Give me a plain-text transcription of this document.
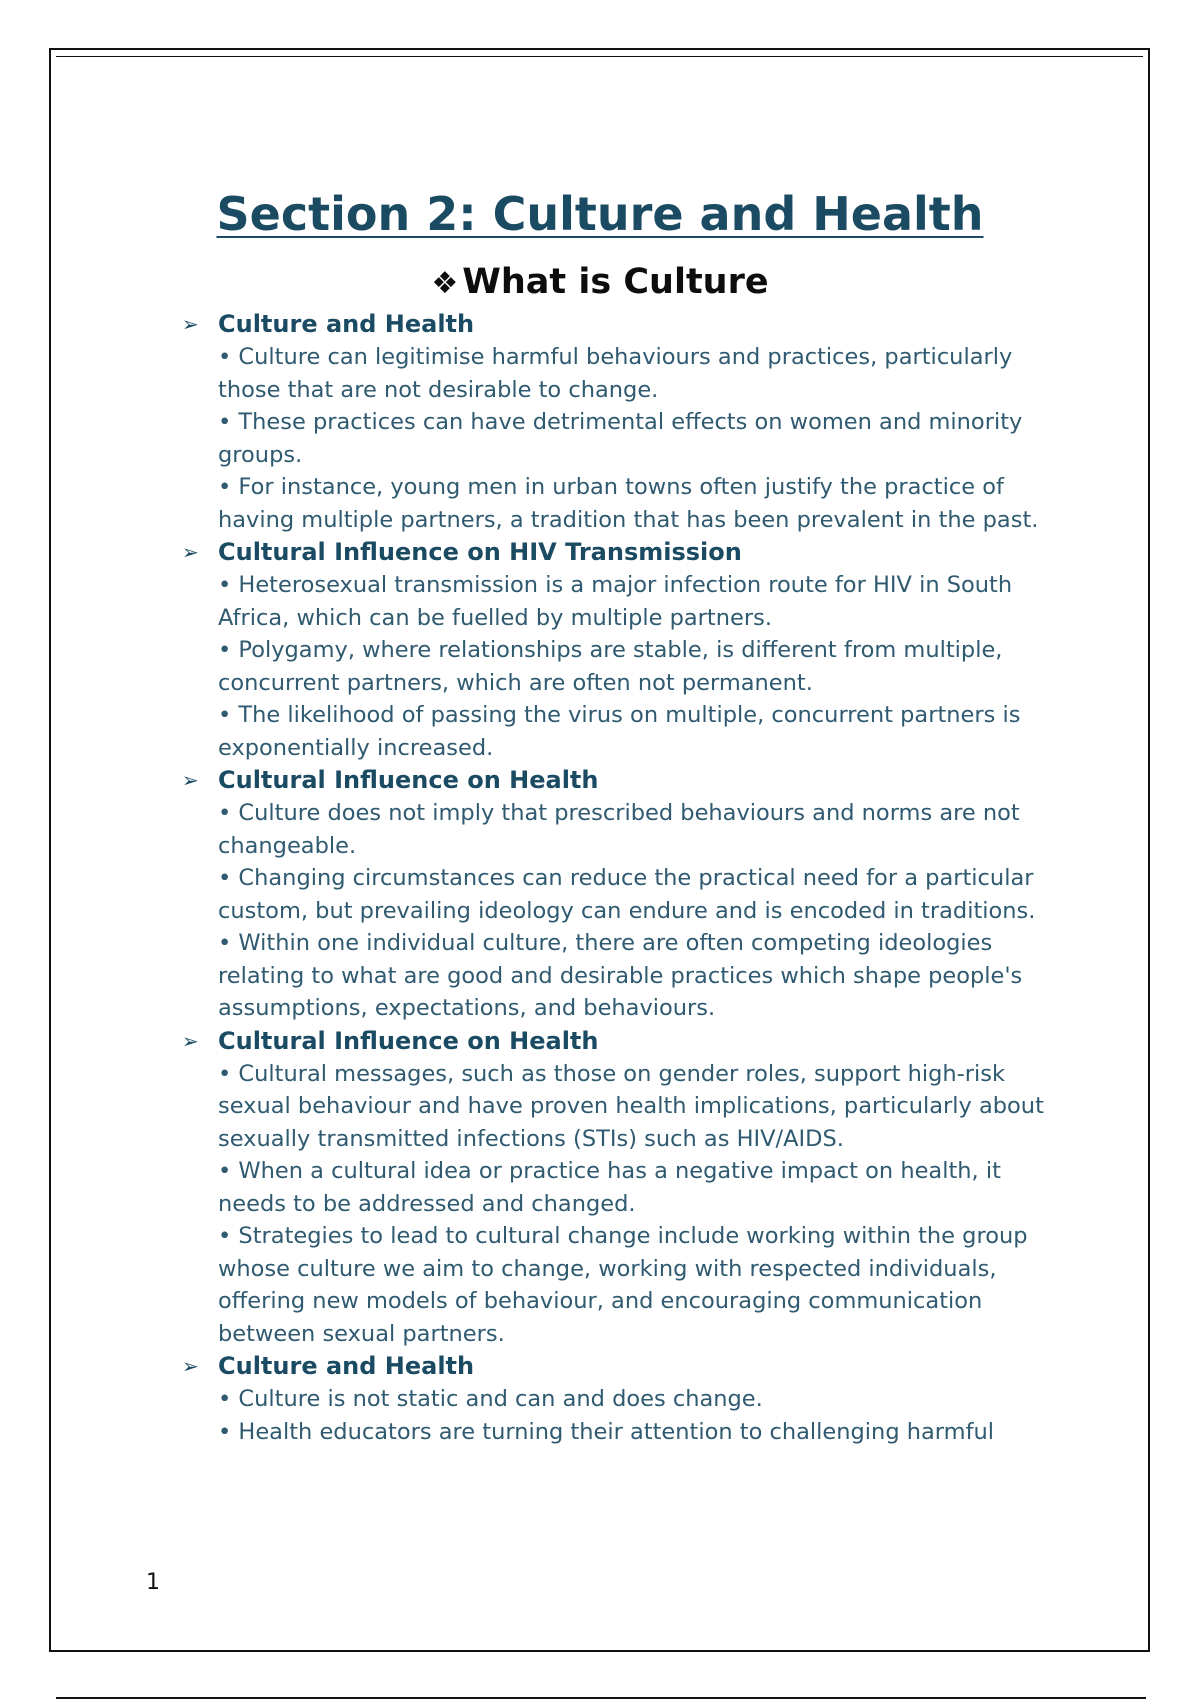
Section 2: Culture and Health
❖ What is Culture
➢ Culture and Health
• Culture can legitimise harmful behaviours and practices, particularly those that are not desirable to change.
• These practices can have detrimental effects on women and minority groups.
• For instance, young men in urban towns often justify the practice of having multiple partners, a tradition that has been prevalent in the past.
➢ Cultural Influence on HIV Transmission
• Heterosexual transmission is a major infection route for HIV in South Africa, which can be fuelled by multiple partners.
• Polygamy, where relationships are stable, is different from multiple, concurrent partners, which are often not permanent.
• The likelihood of passing the virus on multiple, concurrent partners is exponentially increased.
➢ Cultural Influence on Health
• Culture does not imply that prescribed behaviours and norms are not changeable.
• Changing circumstances can reduce the practical need for a particular custom, but prevailing ideology can endure and is encoded in traditions.
• Within one individual culture, there are often competing ideologies relating to what are good and desirable practices which shape people's assumptions, expectations, and behaviours.
➢ Cultural Influence on Health
• Cultural messages, such as those on gender roles, support high-risk sexual behaviour and have proven health implications, particularly about sexually transmitted infections (STIs) such as HIV/AIDS.
• When a cultural idea or practice has a negative impact on health, it needs to be addressed and changed.
• Strategies to lead to cultural change include working within the group whose culture we aim to change, working with respected individuals, offering new models of behaviour, and encouraging communication between sexual partners.
➢ Culture and Health
• Culture is not static and can and does change.
• Health educators are turning their attention to challenging harmful
1
